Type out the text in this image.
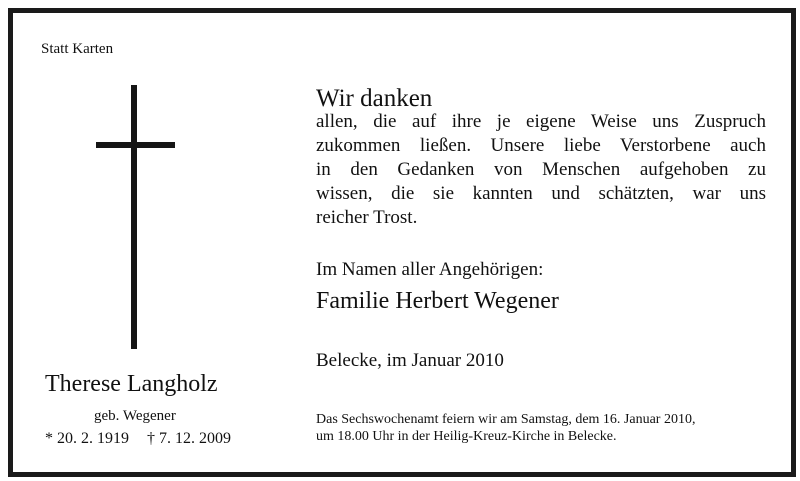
Statt Karten
Therese Langholz
geb. Wegener
* 20. 2. 1919 † 7. 12. 2009
Wir danken
allen, die auf ihre je eigene Weise uns Zuspruch
zukommen ließen. Unsere liebe Verstorbene auch
in den Gedanken von Menschen aufgehoben zu
wissen, die sie kannten und schätzten, war uns
reicher Trost.
Im Namen aller Angehörigen:
Familie Herbert Wegener
Belecke, im Januar 2010
Das Sechswochenamt feiern wir am Samstag, dem 16. Januar 2010,
um 18.00 Uhr in der Heilig-Kreuz-Kirche in Belecke.
